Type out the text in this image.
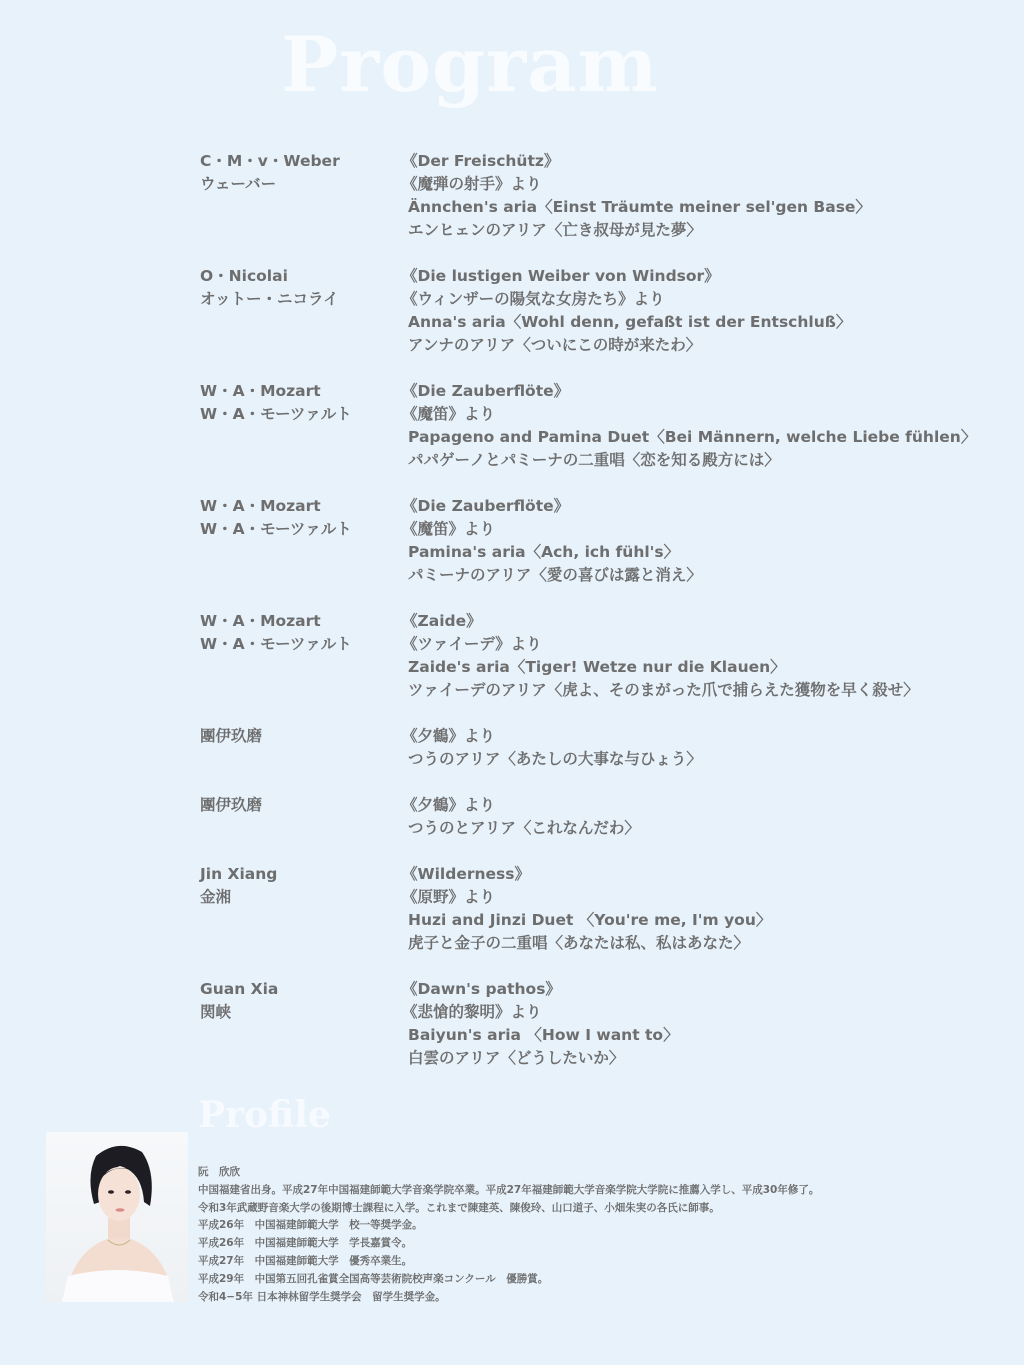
Program
C・M・v・Weber
ウェーバー
《Der Freischütz》
《魔弾の射手》より
Ännchen's aria〈Einst Träumte meiner sel'gen Base〉
エンヒェンのアリア〈亡き叔母が見た夢〉
O・Nicolai
オットー・ニコライ
《Die lustigen Weiber von Windsor》
《ウィンザーの陽気な女房たち》より
Anna's aria〈Wohl denn, gefaßt ist der Entschluß〉
アンナのアリア〈ついにこの時が来たわ〉
W・A・Mozart
W・A・モーツァルト
《Die Zauberflöte》
《魔笛》より
Papageno and Pamina Duet〈Bei Männern, welche Liebe fühlen〉
パパゲーノとパミーナの二重唱〈恋を知る殿方には〉
W・A・Mozart
W・A・モーツァルト
《Die Zauberflöte》
《魔笛》より
Pamina's aria〈Ach, ich fühl's〉
パミーナのアリア〈愛の喜びは露と消え〉
W・A・Mozart
W・A・モーツァルト
《Zaide》
《ツァイーデ》より
Zaide's aria〈Tiger! Wetze nur die Klauen〉
ツァイーデのアリア〈虎よ、そのまがった爪で捕らえた獲物を早く殺せ〉
團伊玖磨	《夕鶴》より
つうのアリア〈あたしの大事な与ひょう〉
團伊玖磨	《夕鶴》より
つうのとアリア〈これなんだわ〉
Jin Xiang
金湘
《Wilderness》
《原野》より
Huzi and Jinzi Duet 〈You're me, I'm you〉
虎子と金子の二重唱〈あなたは私、私はあなた〉
Guan Xia
関峡
《Dawn's pathos》
《悲愴的黎明》より
Baiyun's aria 〈How I want to〉
白雲のアリア〈どうしたいか〉
Profile
阮　欣欣
中国福建省出身。平成27年中国福建師範大学音楽学院卒業。平成27年福建師範大学音楽学院大学院に推薦入学し、平成30年修了。
令和3年武蔵野音楽大学の後期博士課程に入学。これまで陳建英、陳俊玲、山口道子、小畑朱実の各氏に師事。
平成26年　中国福建師範大学　校一等奨学金。
平成26年　中国福建師範大学　学長嘉賞令。
平成27年　中国福建師範大学　優秀卒業生。
平成29年　中国第五回孔雀賞全国高等芸術院校声楽コンクール　優勝賞。
令和4−5年 日本神林留学生奨学会　留学生奨学金。
